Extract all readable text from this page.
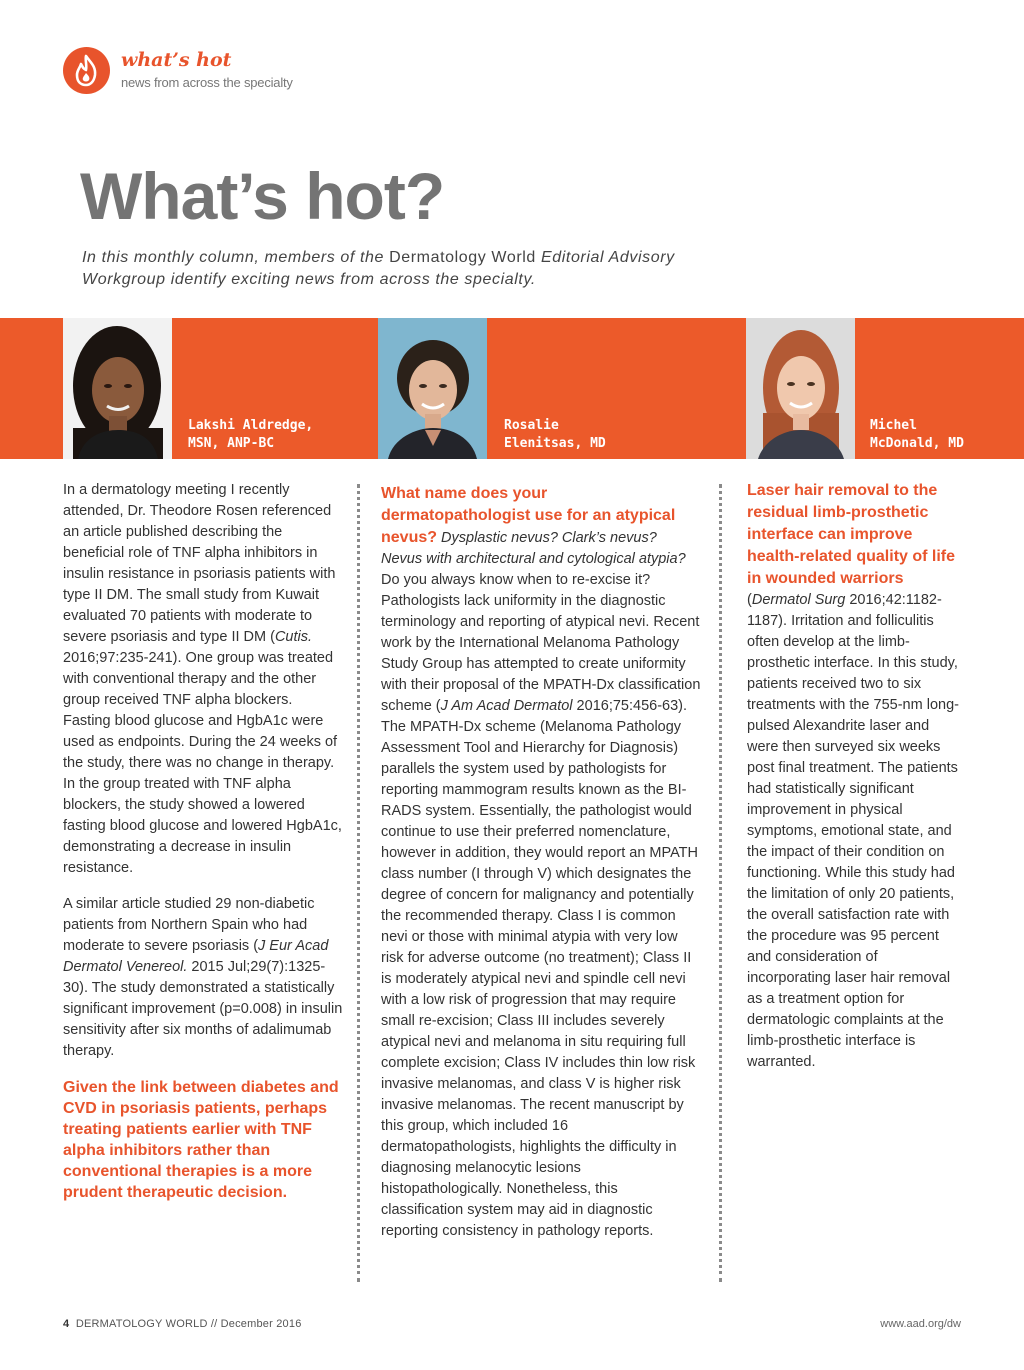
what’s hot
news from across the specialty
What’s hot?
In this monthly column, members of the Dermatology World Editorial Advisory Workgroup identify exciting news from across the specialty.
Lakshi Aldredge,
MSN, ANP-BC
Rosalie
Elenitsas, MD
Michel
McDonald, MD

In a dermatology meeting I recently attended, Dr. Theodore Rosen referenced an article published describing the beneficial role of TNF alpha inhibitors in insulin resistance in psoriasis patients with type II DM. The small study from Kuwait evaluated 70 patients with moderate to severe psoriasis and type II DM (Cutis. 2016;97:235-241). One group was treated with conventional therapy and the other group received TNF alpha blockers. Fasting blood glucose and HgbA1c were used as endpoints. During the 24 weeks of the study, there was no change in therapy. In the group treated with TNF alpha blockers, the study showed a lowered fasting blood glucose and lowered HgbA1c, demonstrating a decrease in insulin resistance.

A similar article studied 29 non-diabetic patients from Northern Spain who had moderate to severe psoriasis (J Eur Acad Dermatol Venereol. 2015 Jul;29(7):1325-30). The study demonstrated a statistically significant improvement (p=0.008) in insulin sensitivity after six months of adalimumab therapy.

Given the link between diabetes and CVD in psoriasis patients, perhaps treating patients earlier with TNF alpha inhibitors rather than conventional therapies is a more prudent therapeutic decision.

What name does your dermatopathologist use for an atypical nevus? Dysplastic nevus? Clark’s nevus? Nevus with architectural and cytological atypia? Do you always know when to re-excise it? Pathologists lack uniformity in the diagnostic terminology and reporting of atypical nevi. Recent work by the International Melanoma Pathology Study Group has attempted to create uniformity with their proposal of the MPATH-Dx classification scheme (J Am Acad Dermatol 2016;75:456-63). The MPATH-Dx scheme (Melanoma Pathology Assessment Tool and Hierarchy for Diagnosis) parallels the system used by pathologists for reporting mammogram results known as the BI-RADS system. Essentially, the pathologist would continue to use their preferred nomenclature, however in addition, they would report an MPATH class number (I through V) which designates the degree of concern for malignancy and potentially the recommended therapy. Class I is common nevi or those with minimal atypia with very low risk for adverse outcome (no treatment); Class II is moderately atypical nevi and spindle cell nevi with a low risk of progression that may require small re-excision; Class III includes severely atypical nevi and melanoma in situ requiring full complete excision; Class IV includes thin low risk invasive melanomas, and class V is higher risk invasive melanomas. The recent manuscript by this group, which included 16 dermatopathologists, highlights the difficulty in diagnosing melanocytic lesions histopathologically. Nonetheless, this classification system may aid in diagnostic reporting consistency in pathology reports.

Laser hair removal to the residual limb-prosthetic interface can improve health-related quality of life in wounded warriors (Dermatol Surg 2016;42:1182-1187). Irritation and folliculitis often develop at the limb-prosthetic interface. In this study, patients received two to six treatments with the 755-nm long-pulsed Alexandrite laser and were then surveyed six weeks post final treatment. The patients had statistically significant improvement in physical symptoms, emotional state, and the impact of their condition on functioning. While this study had the limitation of only 20 patients, the overall satisfaction rate with the procedure was 95 percent and consideration of incorporating laser hair removal as a treatment option for dermatologic complaints at the limb-prosthetic interface is warranted.

4 DERMATOLOGY WORLD // December 2016	www.aad.org/dw
